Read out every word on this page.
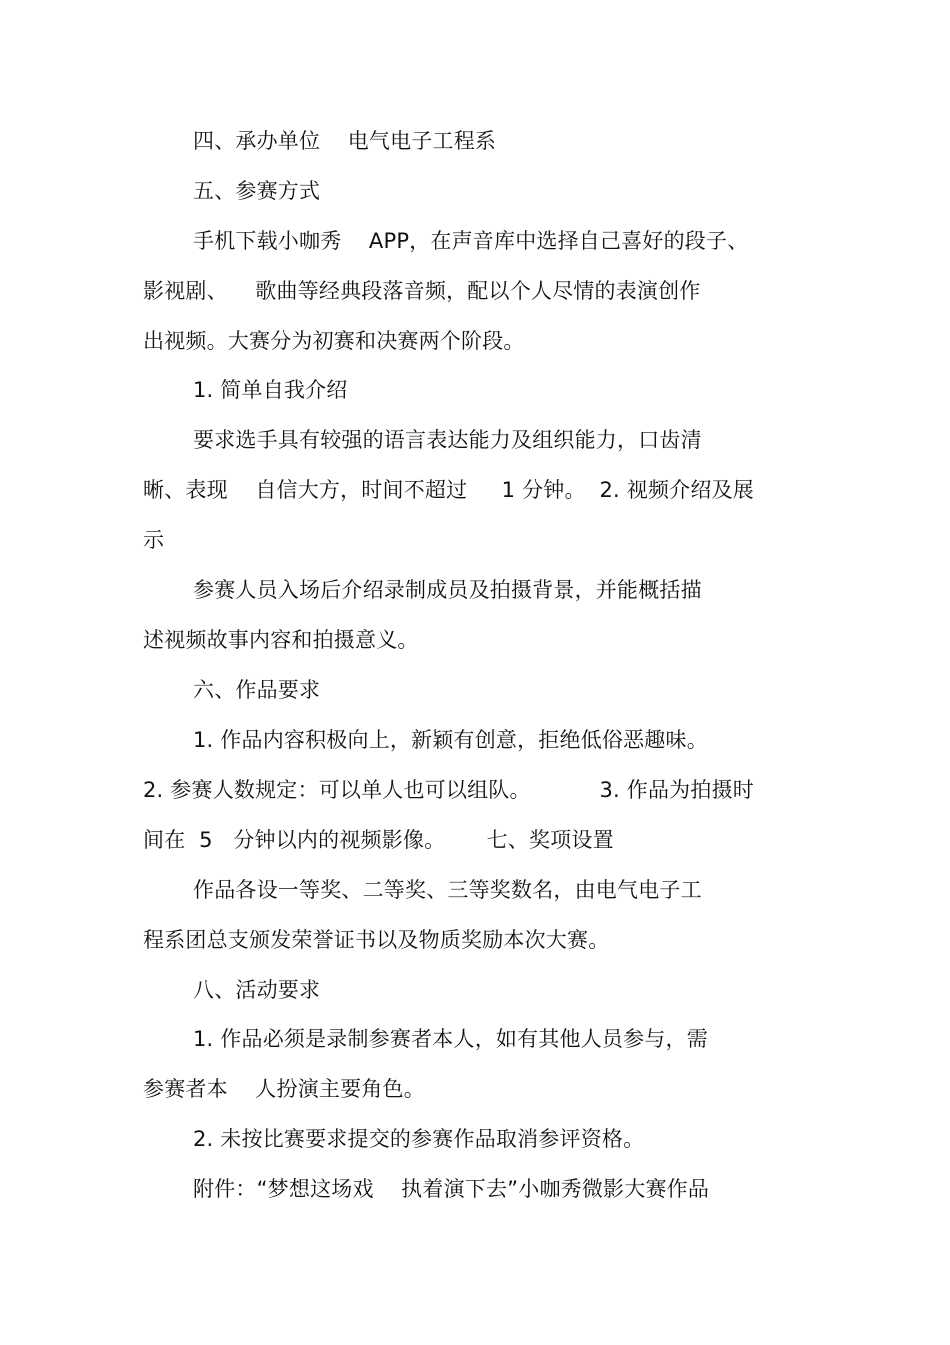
四、承办单位    电气电子工程系
五、参赛方式
手机下载小咖秀    APP，在声音库中选择自己喜好的段子、
影视剧、    歌曲等经典段落音频，配以个人尽情的表演创作
出视频。大赛分为初赛和决赛两个阶段。
1. 简单自我介绍
要求选手具有较强的语言表达能力及组织能力，口齿清
晰、表现    自信大方，时间不超过     1 分钟。  2. 视频介绍及展
示
参赛人员入场后介绍录制成员及拍摄背景，并能概括描
述视频故事内容和拍摄意义。
六、作品要求
1. 作品内容积极向上，新颖有创意，拒绝低俗恶趣味。
2. 参赛人数规定：可以单人也可以组队。          3. 作品为拍摄时
间在  5   分钟以内的视频影像。      七、奖项设置
作品各设一等奖、二等奖、三等奖数名，由电气电子工
程系团总支颁发荣誉证书以及物质奖励本次大赛。
八、活动要求
1. 作品必须是录制参赛者本人，如有其他人员参与，需
参赛者本    人扮演主要角色。
2. 未按比赛要求提交的参赛作品取消参评资格。
附件：“梦想这场戏    执着演下去”小咖秀微影大赛作品
